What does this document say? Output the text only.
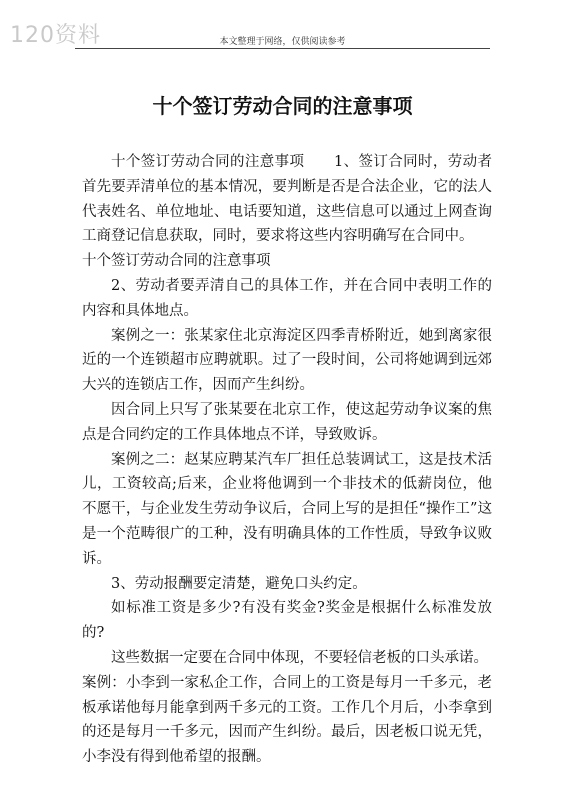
120资料	本文整理于网络，仅供阅读参考
十个签订劳动合同的注意事项

十个签订劳动合同的注意事项　　1、签订合同时，劳动者首先要弄清单位的基本情况，要判断是否是合法企业，它的法人代表姓名、单位地址、电话要知道，这些信息可以通过上网查询工商登记信息获取，同时，要求将这些内容明确写在合同中。

十个签订劳动合同的注意事项

2、劳动者要弄清自己的具体工作，并在合同中表明工作的内容和具体地点。

案例之一：张某家住北京海淀区四季青桥附近，她到离家很近的一个连锁超市应聘就职。过了一段时间，公司将她调到远郊大兴的连锁店工作，因而产生纠纷。

因合同上只写了张某要在北京工作，使这起劳动争议案的焦点是合同约定的工作具体地点不详，导致败诉。

案例之二：赵某应聘某汽车厂担任总装调试工，这是技术活儿，工资较高;后来，企业将他调到一个非技术的低薪岗位，他不愿干，与企业发生劳动争议后，合同上写的是担任“操作工”这是一个范畴很广的工种，没有明确具体的工作性质，导致争议败诉。

3、劳动报酬要定清楚，避免口头约定。

如标准工资是多少?有没有奖金?奖金是根据什么标准发放的?

这些数据一定要在合同中体现，不要轻信老板的口头承诺。

案例：小李到一家私企工作，合同上的工资是每月一千多元，老板承诺他每月能拿到两千多元的工资。工作几个月后，小李拿到的还是每月一千多元，因而产生纠纷。最后，因老板口说无凭，小李没有得到他希望的报酬。
